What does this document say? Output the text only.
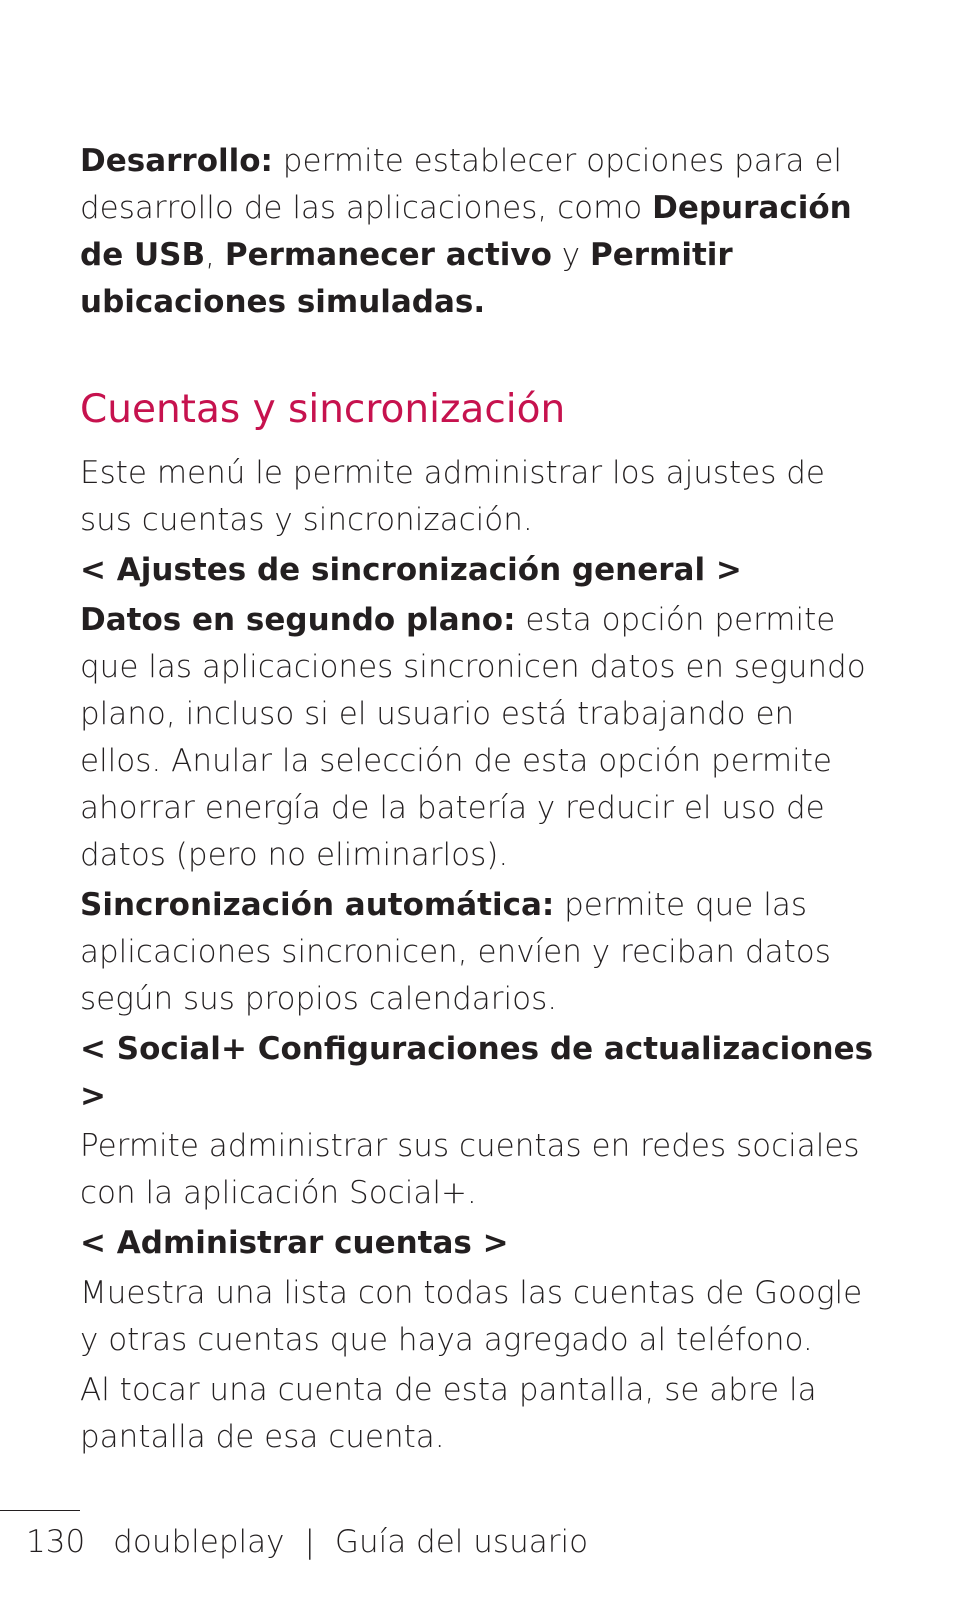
Desarrollo: permite establecer opciones para el desarrollo de las aplicaciones, como Depuración de USB, Permanecer activo y Permitir ubicaciones simuladas.

Cuentas y sincronización

Este menú le permite administrar los ajustes de sus cuentas y sincronización.

< Ajustes de sincronización general >

Datos en segundo plano: esta opción permite que las aplicaciones sincronicen datos en segundo plano, incluso si el usuario está trabajando en ellos. Anular la selección de esta opción permite ahorrar energía de la batería y reducir el uso de datos (pero no eliminarlos).

Sincronización automática: permite que las aplicaciones sincronicen, envíen y reciban datos según sus propios calendarios.

< Social+ Configuraciones de actualizaciones >

Permite administrar sus cuentas en redes sociales con la aplicación Social+.

< Administrar cuentas >

Muestra una lista con todas las cuentas de Google y otras cuentas que haya agregado al teléfono.

Al tocar una cuenta de esta pantalla, se abre la pantalla de esa cuenta.

130 doubleplay | Guía del usuario
